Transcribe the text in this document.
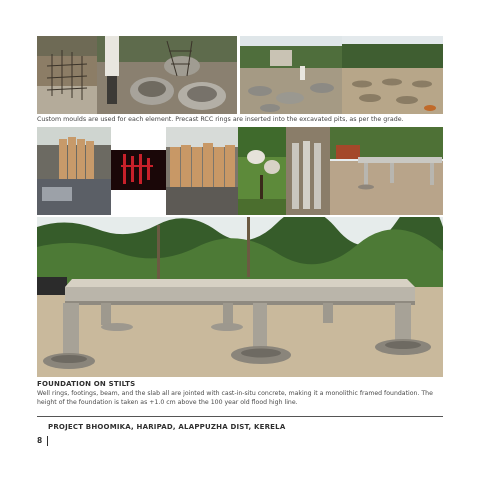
Custom moulds are used for each element. Precast RCC rings are inserted into the excavated pits, as per the grade.
FOUNDATION ON STILTS
Well rings, footings, beam, and the slab all are jointed with cast-in-situ concrete, making it a monolithic framed foundation. The height of the foundation is taken as +1.0 cm above the 100 year old flood high line.
PROJECT BHOOMIKA, HARIPAD, ALAPPUZHA DIST, KERELA
8
